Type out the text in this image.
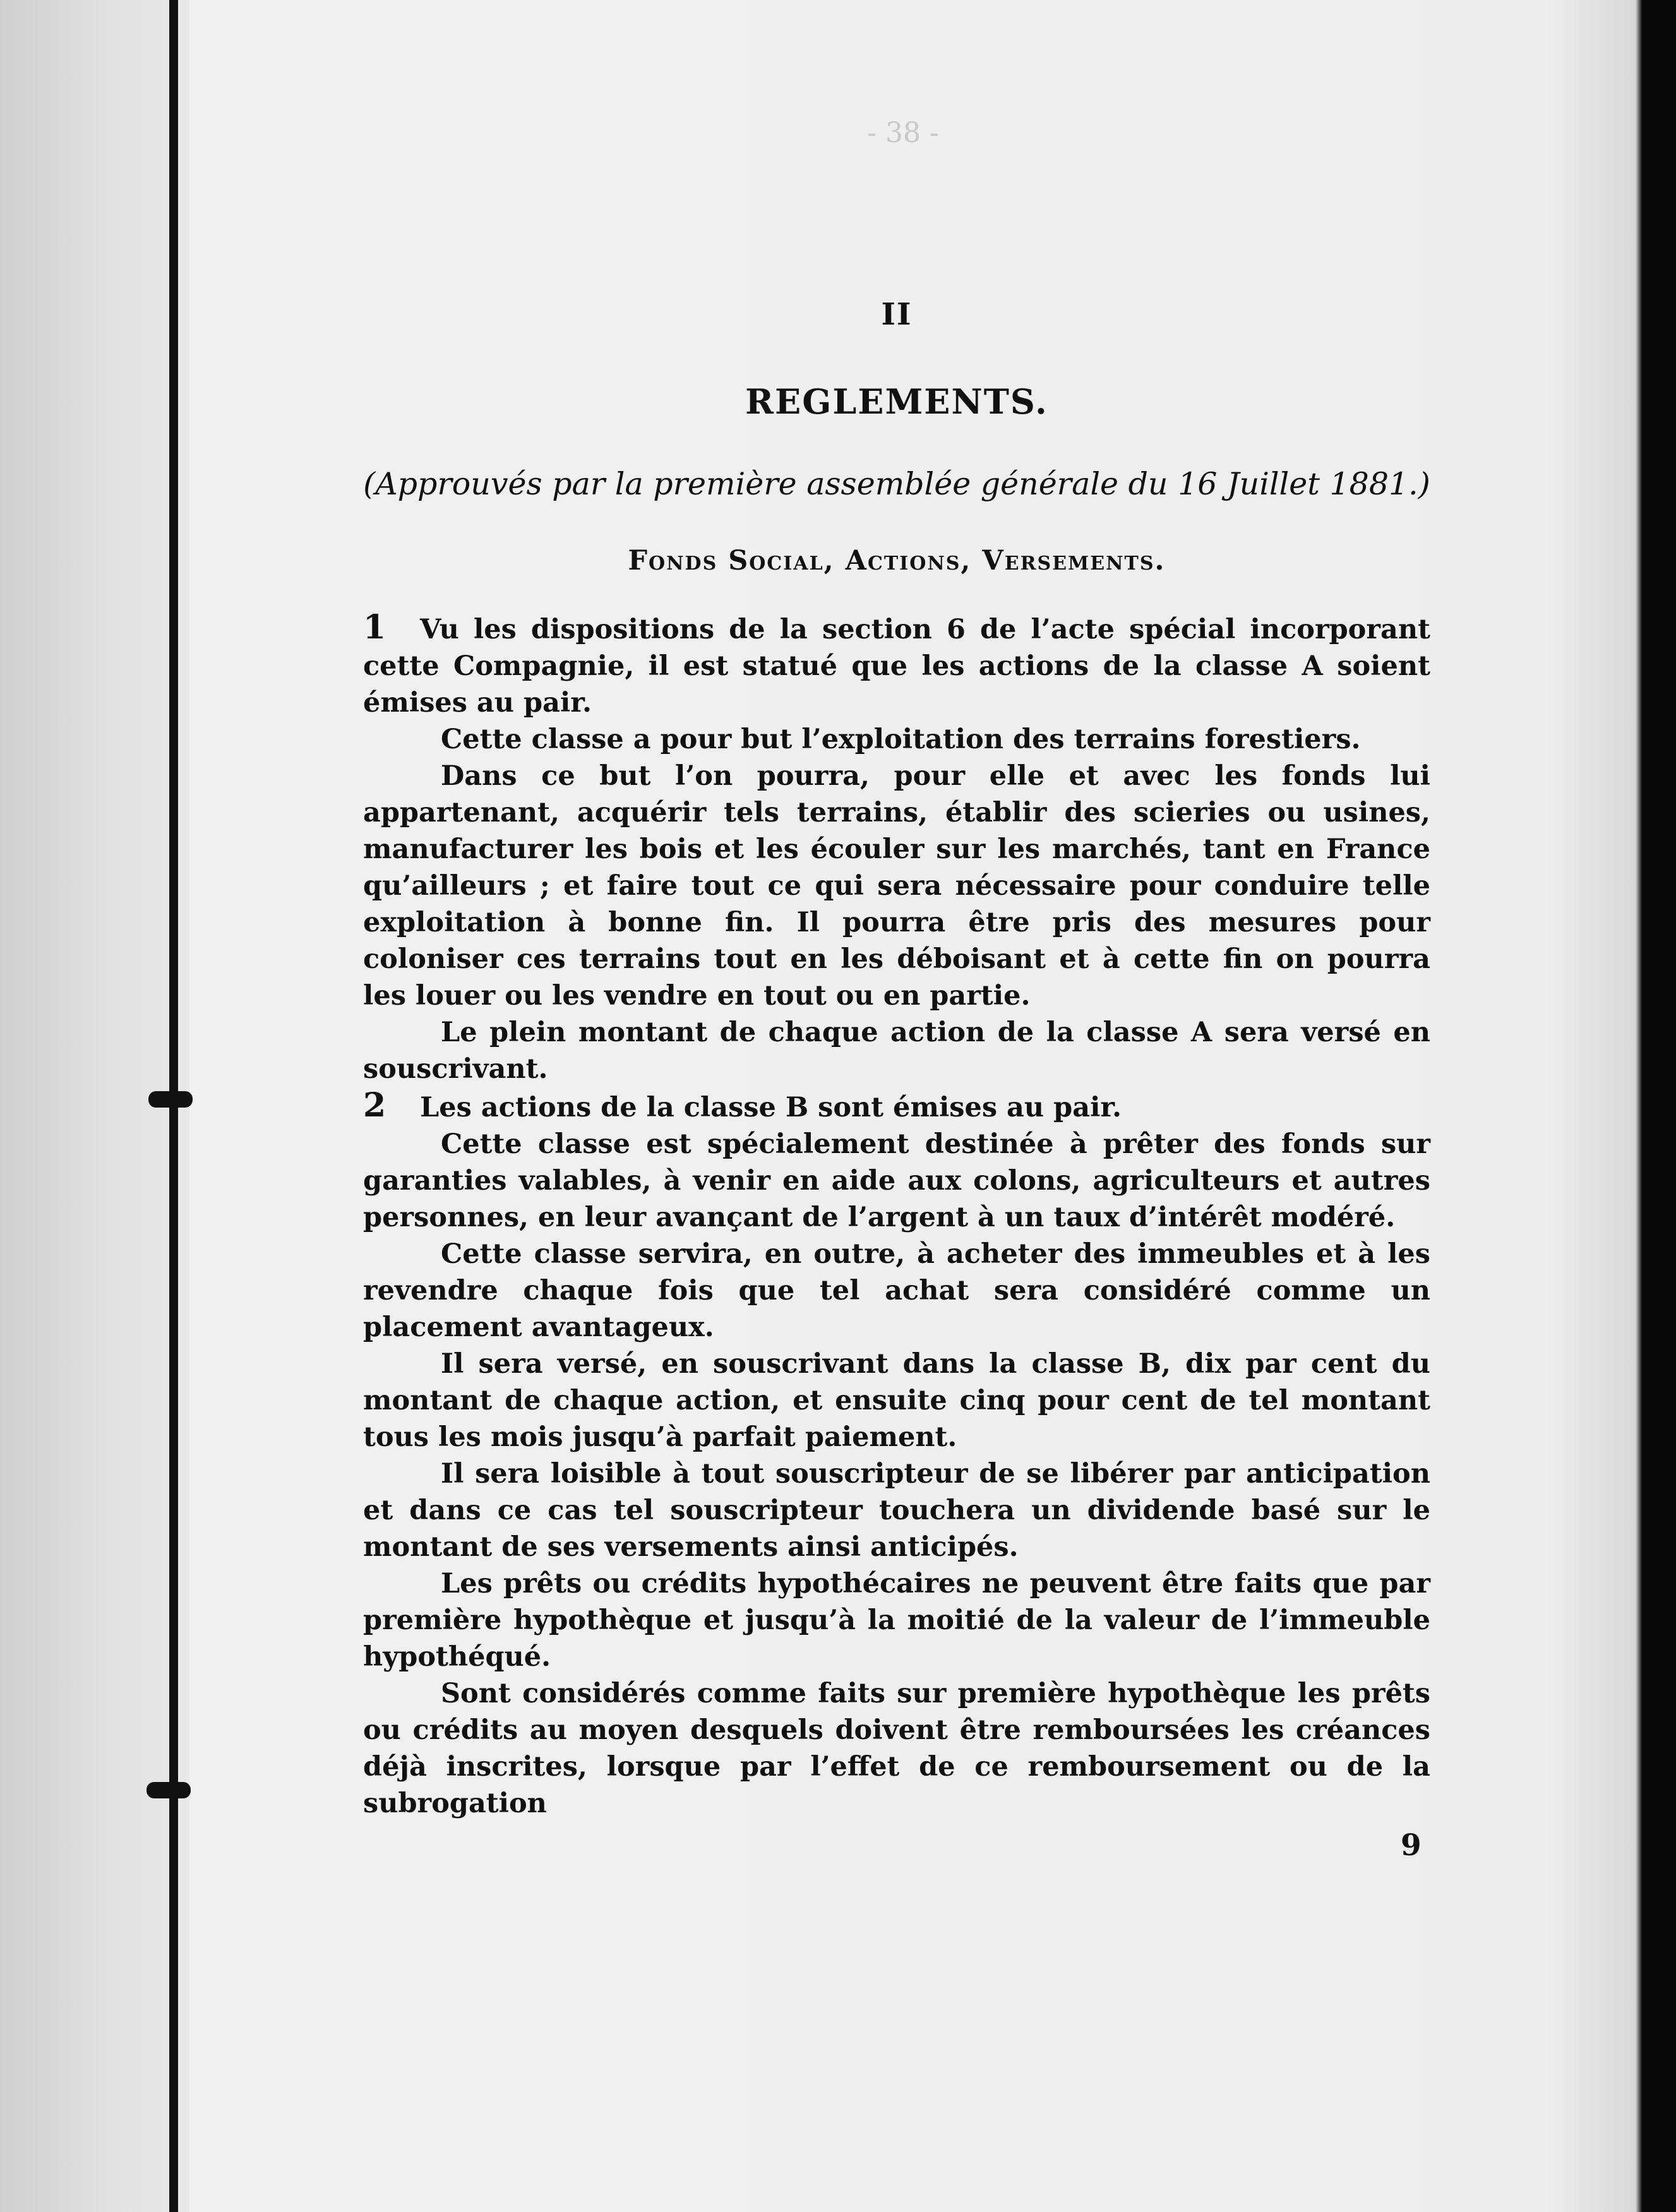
- 38 -
II
REGLEMENTS.
(Approuvés par la première assemblée générale du 16 Juillet 1881.)
Fonds Social, Actions, Versements.

1 Vu les dispositions de la section 6 de l’acte spécial incorporant cette Compagnie, il est statué que les actions de la classe A soient émises au pair.

Cette classe a pour but l’exploitation des terrains forestiers.

Dans ce but l’on pourra, pour elle et avec les fonds lui appartenant, acquérir tels terrains, établir des scieries ou usines, manufacturer les bois et les écouler sur les marchés, tant en France qu’ailleurs ; et faire tout ce qui sera nécessaire pour conduire telle exploitation à bonne fin. Il pourra être pris des mesures pour coloniser ces terrains tout en les déboisant et à cette fin on pourra les louer ou les vendre en tout ou en partie.

Le plein montant de chaque action de la classe A sera versé en souscrivant.

2 Les actions de la classe B sont émises au pair.

Cette classe est spécialement destinée à prêter des fonds sur garanties valables, à venir en aide aux colons, agriculteurs et autres personnes, en leur avançant de l’argent à un taux d’intérêt modéré.

Cette classe servira, en outre, à acheter des immeubles et à les revendre chaque fois que tel achat sera considéré comme un placement avantageux.

Il sera versé, en souscrivant dans la classe B, dix par cent du montant de chaque action, et ensuite cinq pour cent de tel montant tous les mois jusqu’à parfait paiement.

Il sera loisible à tout souscripteur de se libérer par anticipation et dans ce cas tel souscripteur touchera un dividende basé sur le montant de ses versements ainsi anticipés.

Les prêts ou crédits hypothécaires ne peuvent être faits que par première hypothèque et jusqu’à la moitié de la valeur de l’immeuble hypothéqué.

Sont considérés comme faits sur première hypothèque les prêts ou crédits au moyen desquels doivent être remboursées les créances déjà inscrites, lorsque par l’effet de ce remboursement ou de la subrogation

9
